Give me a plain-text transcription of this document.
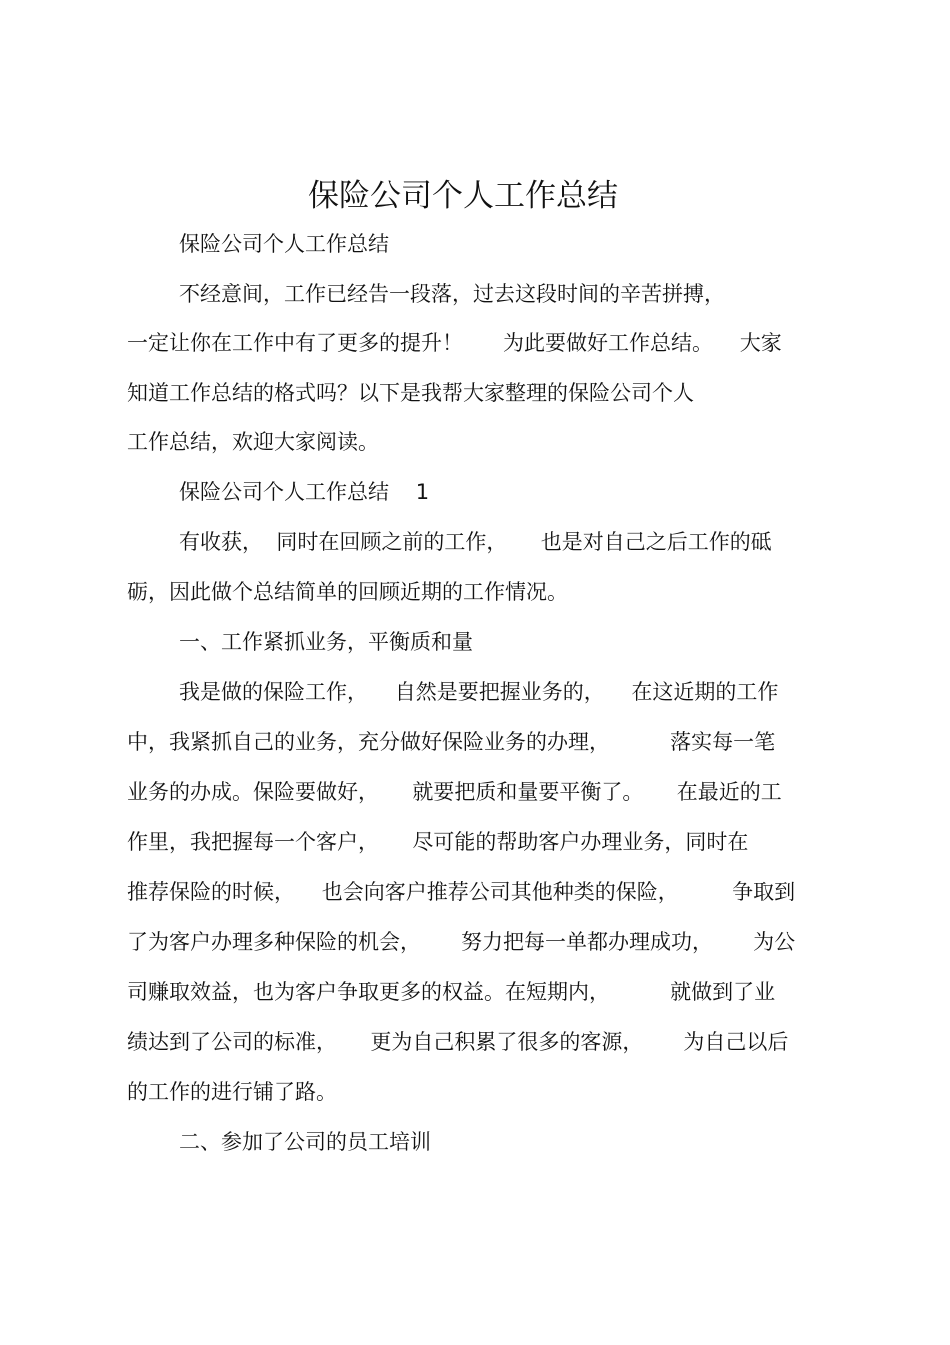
保险公司个人工作总结
保险公司个人工作总结
不经意间，工作已经告一段落，过去这段时间的辛苦拼搏，
一定让你在工作中有了更多的提升！      为此要做好工作总结。    大家
知道工作总结的格式吗？以下是我帮大家整理的保险公司个人
工作总结，欢迎大家阅读。
保险公司个人工作总结    1
有收获，  同时在回顾之前的工作，     也是对自己之后工作的砥
砺，因此做个总结简单的回顾近期的工作情况。
一、工作紧抓业务，平衡质和量
我是做的保险工作，    自然是要把握业务的，    在这近期的工作
中，我紧抓自己的业务，充分做好保险业务的办理，         落实每一笔
业务的办成。保险要做好，     就要把质和量要平衡了。     在最近的工
作里，我把握每一个客户，     尽可能的帮助客户办理业务，同时在
推荐保险的时候，    也会向客户推荐公司其他种类的保险，        争取到
了为客户办理多种保险的机会，      努力把每一单都办理成功，      为公
司赚取效益，也为客户争取更多的权益。在短期内，         就做到了业
绩达到了公司的标准，     更为自己积累了很多的客源，      为自己以后
的工作的进行铺了路。
二、参加了公司的员工培训
